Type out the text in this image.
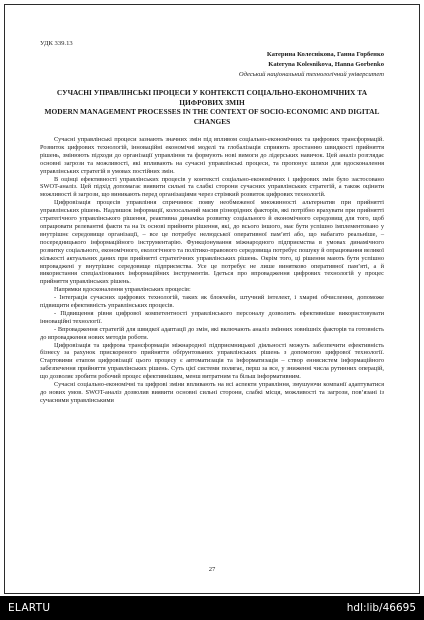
УДК 339.13
Катерина Колеснікова, Ганна Горбенко
Kateryna Kolesnikova, Hanna Gorbenko
Одеський національний технологічний університет
СУЧАСНІ УПРАВЛІНСЬКІ ПРОЦЕСИ У КОНТЕКСТІ СОЦІАЛЬНО-ЕКОНОМІЧНИХ ТА ЦИФРОВИХ ЗМІН
MODERN MANAGEMENT PROCESSES IN THE CONTEXT OF SOCIO-ECONOMIC AND DIGITAL CHANGES

Сучасні управлінські процеси зазнають значних змін під впливом соціально-економічних та цифрових трансформацій. Розвиток цифрових технологій, інноваційні економічні моделі та глобалізація сприяють зростанню швидкості прийняття рішень, змінюють підходи до організації управління та формують нові вимоги до лідерських навичок. Цей аналіз розглядає основні загрози та можливості, які впливають на сучасні управлінські процеси, та пропонує шляхи для вдосконалення управлінських стратегій в умовах постійних змін.

В оцінці ефективності управлінських процесів у контексті соціально-економічних і цифрових змін було застосовано SWOT-аналіз. Цей підхід допомагає виявити сильні та слабкі сторони сучасних управлінських стратегій, а також оцінити можливості й загрози, що виникають перед організаціями через стрімкий розвиток цифрових технологій.

Цифровізація процесів управління спричинює появу необмеженої множинності альтернатив при прийнятті управлінських рішень. Надлишок інформації, колосальний масив різнорідних факторів, які потрібно врахувати при прийнятті стратегічного управлінського рішення, реактивна динаміка розвитку соціального й економічного середовищ для того, щоб опрацювати релевантні факти та на їх основі прийняти рішення, які, до всього іншого, має бути успішно імплементовано у внутрішнє середовище організації, – все це потребує нелюдської оперативної пам’яті або, що набагато реальніше, – посередницького інформаційного інструментарію. Функціонування міжнародного підприємства в умовах динамічного розвитку соціального, економічного, екологічного та політико-правового середовища потребує пошуку й опрацювання великої кількості актуальних даних при прийнятті стратегічних управлінських рішень. Окрім того, ці рішення мають бути успішно впроваджені у внутрішнє середовище підприємства. Усе це потребує не лише винятково оперативної пам’яті, а й використання спеціалізованих інформаційних інструментів. Ідеться про впровадження цифрових технологій у процес прийняття управлінських рішень.

Напрямки вдосконалення управлінських процесів:

- Інтеграція сучасних цифрових технологій, таких як блокчейн, штучний інтелект, і хмарні обчислення, допоможе підвищити ефективність управлінських процесів.

- Підвищення рівня цифрової компетентності управлінського персоналу дозволить ефективніше використовувати інноваційні технології.

- Впровадження стратегій для швидкої адаптації до змін, які включають аналіз змінних зовнішніх факторів та готовність до впровадження нових методів роботи.

Цифровізація та цифрова трансформація міжнародної підприємницької діяльності можуть забезпечити ефективність бізнесу за рахунок прискореного прийняття обґрунтованих управлінських рішень з допомогою цифрової технології. Стартовими етапом цифровізації цього процесу є автоматизація та інформатизація – створ еннясистем інформаційного забезпечення прийняття управлінських рішень. Суть цієї системи полягає, перш за все, у зниженні числа рутинних операцій, що дозволяє зробити робочий процес ефективнішим, менш витратним та більш інформативним.

Сучасні соціально-економічні та цифрові зміни впливають на всі аспекти управління, змушуючи компанії адаптуватися до нових умов. SWOT-аналіз дозволив виявити основні сильні сторони, слабкі місця, можливості та загрози, пов’язані із сучасними управлінськими

27
ELARTU	hdl:lib/46695
